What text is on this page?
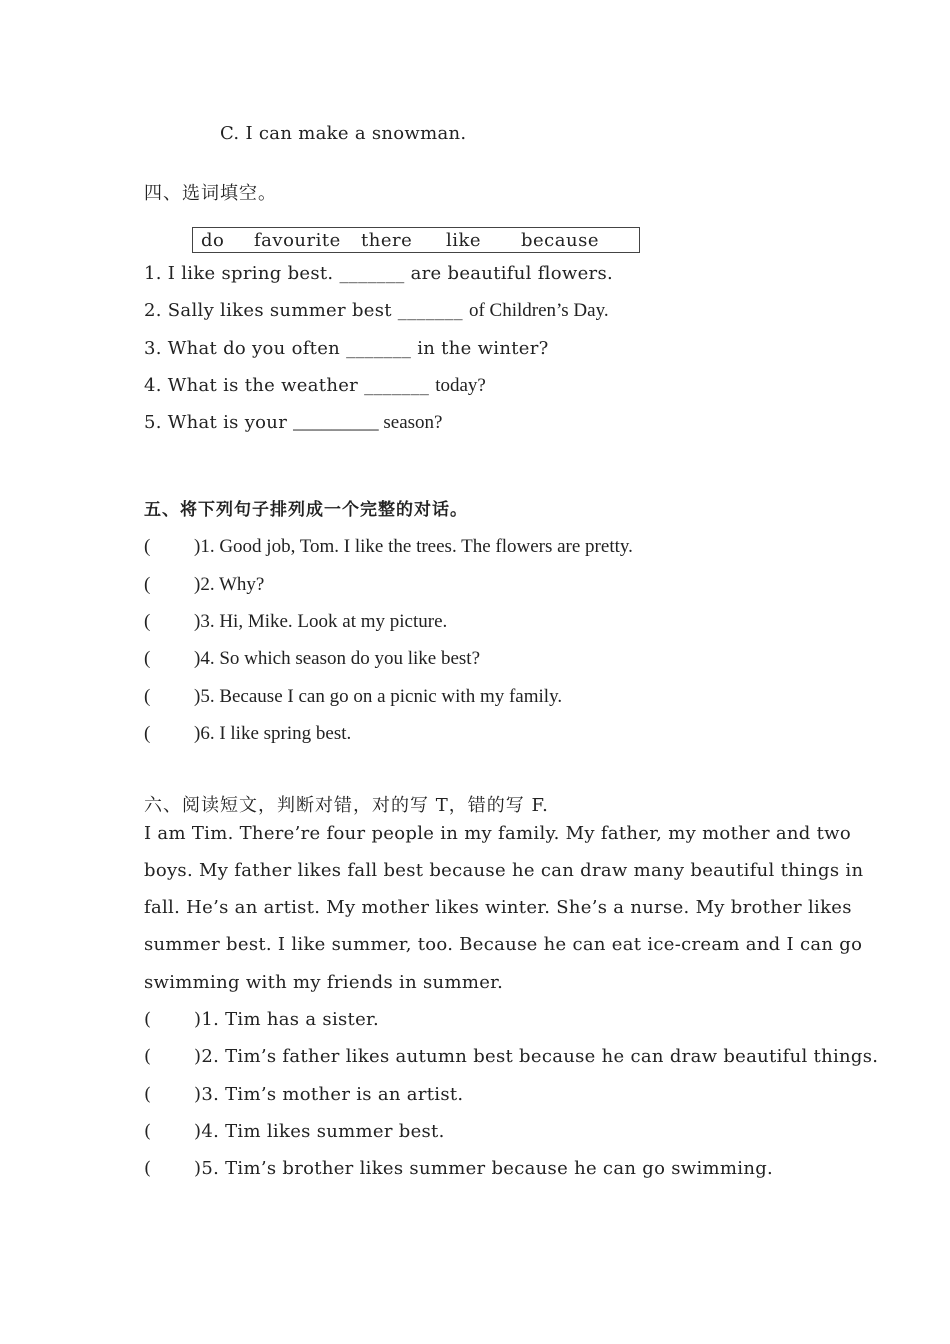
C. I can make a snowman.
四、选词填空。
do favourite there like because
1. I like spring best. _______ are beautiful flowers.
2. Sally likes summer best _______ of Children’s Day.
3. What do you often _______ in the winter?
4. What is the weather _______ today?
5. What is your _________ season?
五、将下列句子排列成一个完整的对话。
( )1. Good job, Tom. I like the trees. The flowers are pretty.
( )2. Why?
( )3. Hi, Mike. Look at my picture.
( )4. So which season do you like best?
( )5. Because I can go on a picnic with my family.
( )6. I like spring best.
六、阅读短文，判断对错，对的写 T，错的写 F.
I am Tim. There’re four people in my family. My father, my mother and two
boys. My father likes fall best because he can draw many beautiful things in
fall. He’s an artist. My mother likes winter. She’s a nurse. My brother likes
summer best. I like summer, too. Because he can eat ice-cream and I can go
swimming with my friends in summer.
( )1. Tim has a sister.
( )2. Tim’s father likes autumn best because he can draw beautiful things.
( )3. Tim’s mother is an artist.
( )4. Tim likes summer best.
( )5. Tim’s brother likes summer because he can go swimming.
